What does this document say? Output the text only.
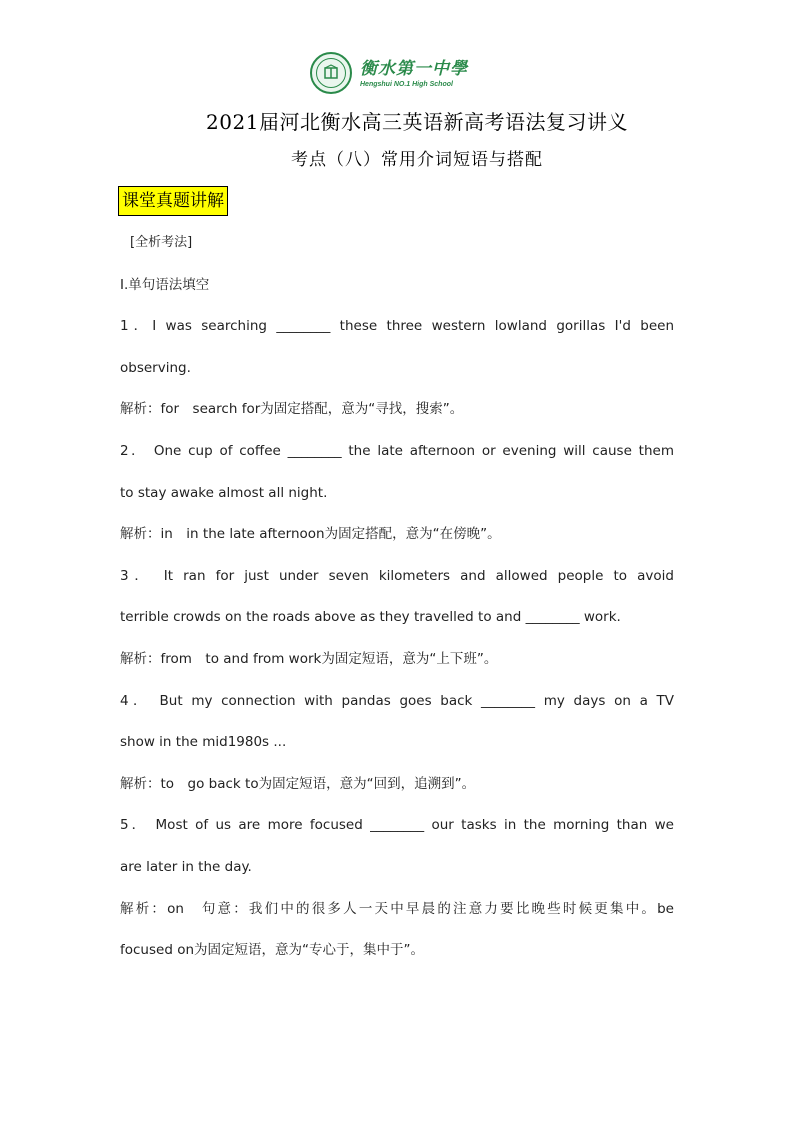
衡水第一中學
Hengshui NO.1 High School
2021届河北衡水高三英语新高考语法复习讲义
考点（八）常用介词短语与搭配
课堂真题讲解
[全析考法]
Ⅰ.单句语法填空
1．I was searching ________ these three western lowland gorillas I'd been
observing.
解析：for　search for为固定搭配，意为“寻找，搜索”。
2． One cup of coffee ________ the late afternoon or evening will cause them
to stay awake almost all night.
解析：in　in the late afternoon为固定搭配，意为“在傍晚”。
3． It ran for just under seven kilometers and allowed people to avoid
terrible crowds on the roads above as they travelled to and ________ work.
解析：from　to and from work为固定短语，意为“上下班”。
4． But my connection with pandas goes back ________ my days on a TV
show in the mid1980s ...
解析：to　go back to为固定短语，意为“回到，追溯到”。
5． Most of us are more focused ________ our tasks in the morning than we
are later in the day.
解析：on　句意：我们中的很多人一天中早晨的注意力要比晚些时候更集中。be
focused on为固定短语，意为“专心于，集中于”。
